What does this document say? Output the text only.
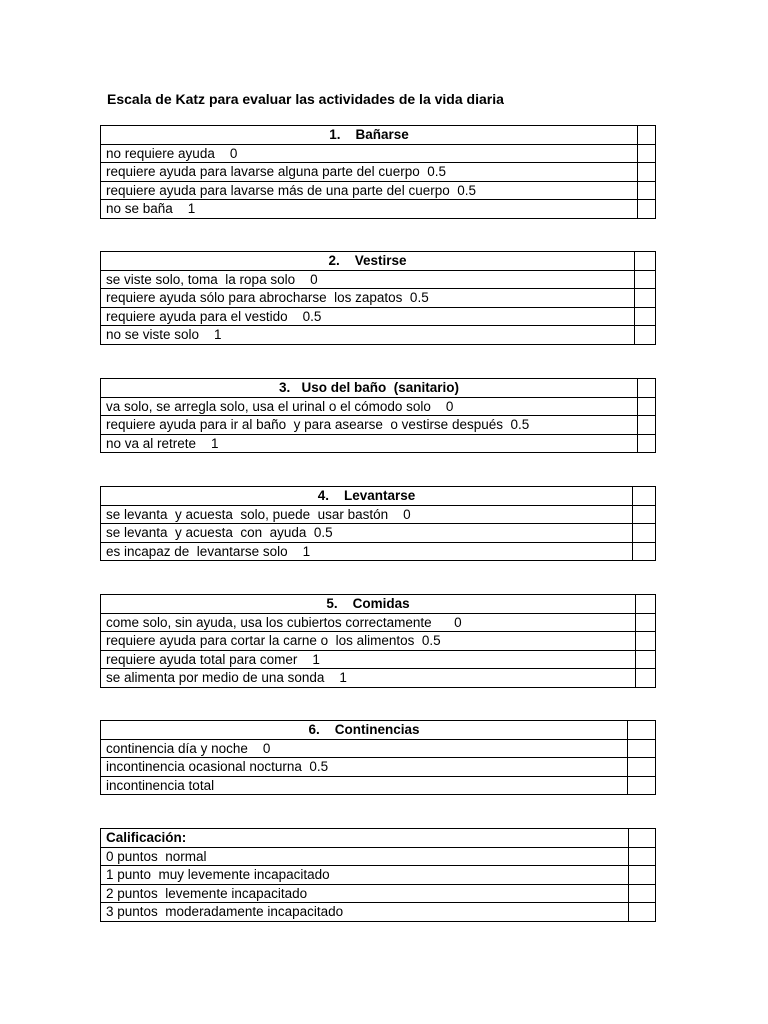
Escala de Katz para evaluar las actividades de la vida diaria
1.    Bañarse	
no requiere ayuda    0	
requiere ayuda para lavarse alguna parte del cuerpo  0.5	
requiere ayuda para lavarse más de una parte del cuerpo  0.5	
no se baña    1	
2.    Vestirse	
se viste solo, toma  la ropa solo    0	
requiere ayuda sólo para abrocharse  los zapatos  0.5	
requiere ayuda para el vestido    0.5	
no se viste solo    1	
3.   Uso del baño  (sanitario)	
va solo, se arregla solo, usa el urinal o el cómodo solo    0	
requiere ayuda para ir al baño  y para asearse  o vestirse después  0.5	
no va al retrete    1	
4.    Levantarse	
se levanta  y acuesta  solo, puede  usar bastón    0	
se levanta  y acuesta  con  ayuda  0.5	
es incapaz de  levantarse solo    1	
5.    Comidas	
come solo, sin ayuda, usa los cubiertos correctamente      0	
requiere ayuda para cortar la carne o  los alimentos  0.5	
requiere ayuda total para comer    1	
se alimenta por medio de una sonda    1	
6.    Continencias	
continencia día y noche    0	
incontinencia ocasional nocturna  0.5	
incontinencia total	
Calificación:	
0 puntos  normal	
1 punto  muy levemente incapacitado	
2 puntos  levemente incapacitado	
3 puntos  moderadamente incapacitado	
